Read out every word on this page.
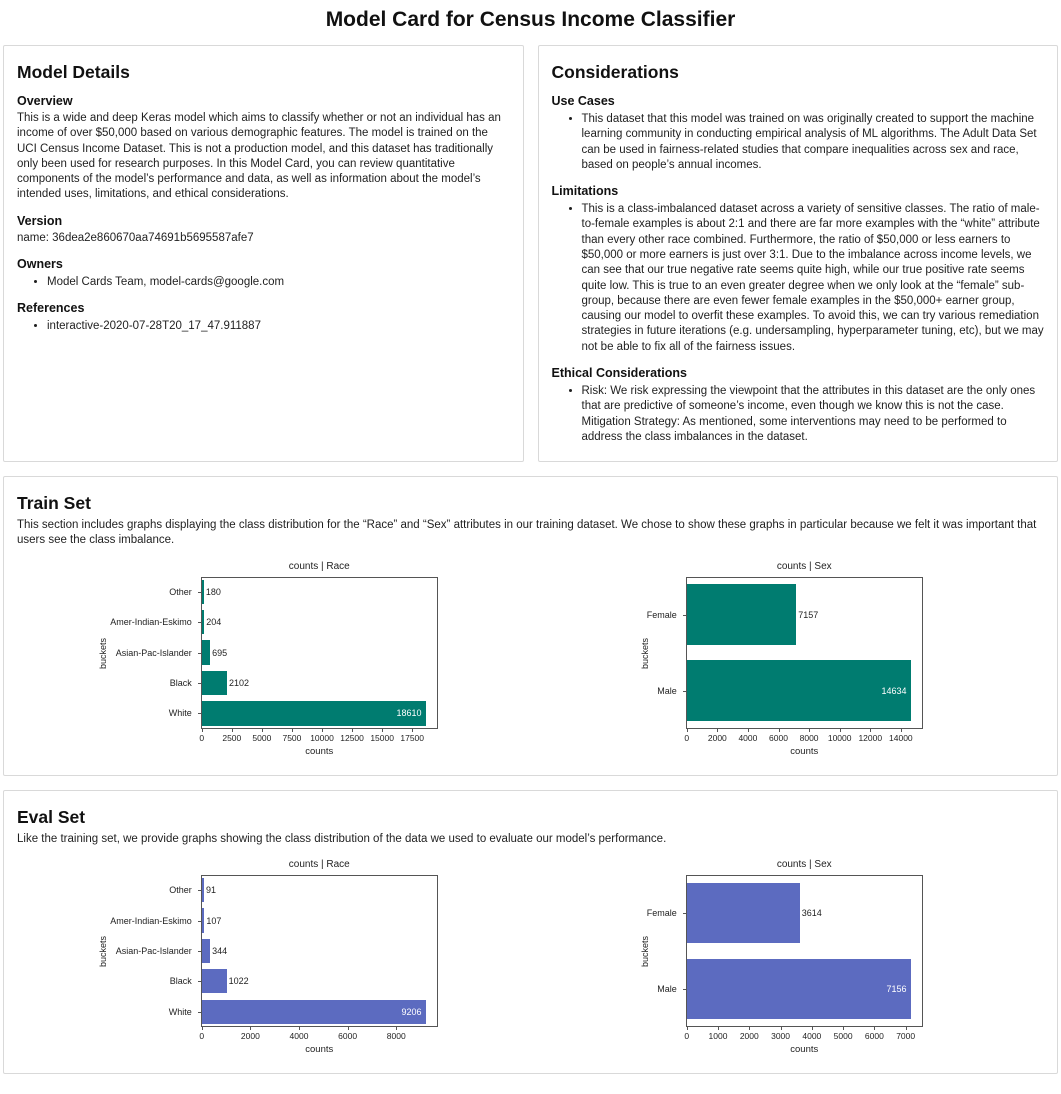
Model Card for Census Income Classifier
Model Details
Overview

This is a wide and deep Keras model which aims to classify whether or not an individual has an income of over $50,000 based on various demographic features. The model is trained on the UCI Census Income Dataset. This is not a production model, and this dataset has traditionally only been used for research purposes. In this Model Card, you can review quantitative components of the model’s performance and data, as well as information about the model’s intended uses, limitations, and ethical considerations.

Version

name: 36dea2e860670aa74691b5695587afe7

Owners
• Model Cards Team, model-cards@google.com
References
• interactive-2020-07-28T20_17_47.911887
Considerations
Use Cases
• This dataset that this model was trained on was originally created to support the machine learning community in conducting empirical analysis of ML algorithms. The Adult Data Set can be used in fairness-related studies that compare inequalities across sex and race, based on people’s annual incomes.
Limitations
• This is a class-imbalanced dataset across a variety of sensitive classes. The ratio of male-to-female examples is about 2:1 and there are far more examples with the “white” attribute than every other race combined. Furthermore, the ratio of $50,000 or less earners to $50,000 or more earners is just over 3:1. Due to the imbalance across income levels, we can see that our true negative rate seems quite high, while our true positive rate seems quite low. This is true to an even greater degree when we only look at the “female” sub-group, because there are even fewer female examples in the $50,000+ earner group, causing our model to overfit these examples. To avoid this, we can try various remediation strategies in future iterations (e.g. undersampling, hyperparameter tuning, etc), but we may not be able to fix all of the fairness issues.
Ethical Considerations
• Risk: We risk expressing the viewpoint that the attributes in this dataset are the only ones that are predictive of someone’s income, even though we know this is not the case.
Mitigation Strategy: As mentioned, some interventions may need to be performed to address the class imbalances in the dataset.
Train Set

This section includes graphs displaying the class distribution for the “Race” and “Sex” attributes in our training dataset. We chose to show these graphs in particular because we felt it was important that users see the class imbalance.

counts | Race
buckets
Other 180
Amer-Indian-Eskimo 204
Asian-Pac-Islander 695
Black	2102
White	18610
0	2500	5000	7500	10000 12500 15000 17500
counts
counts | Sex
buckets
Female	7157
Male	14634
0	2000	4000	6000	8000	10000 12000 14000
counts
Eval Set

Like the training set, we provide graphs showing the class distribution of the data we used to evaluate our model’s performance.

counts | Race
buckets
Other 91
Amer-Indian-Eskimo 107
Asian-Pac-Islander 344
Black	1022
White	9206
0	2000	4000	6000	8000
counts
counts | Sex
buckets
Female	3614
Male	7156
0	1000	2000	3000	4000	5000	6000	7000
counts
